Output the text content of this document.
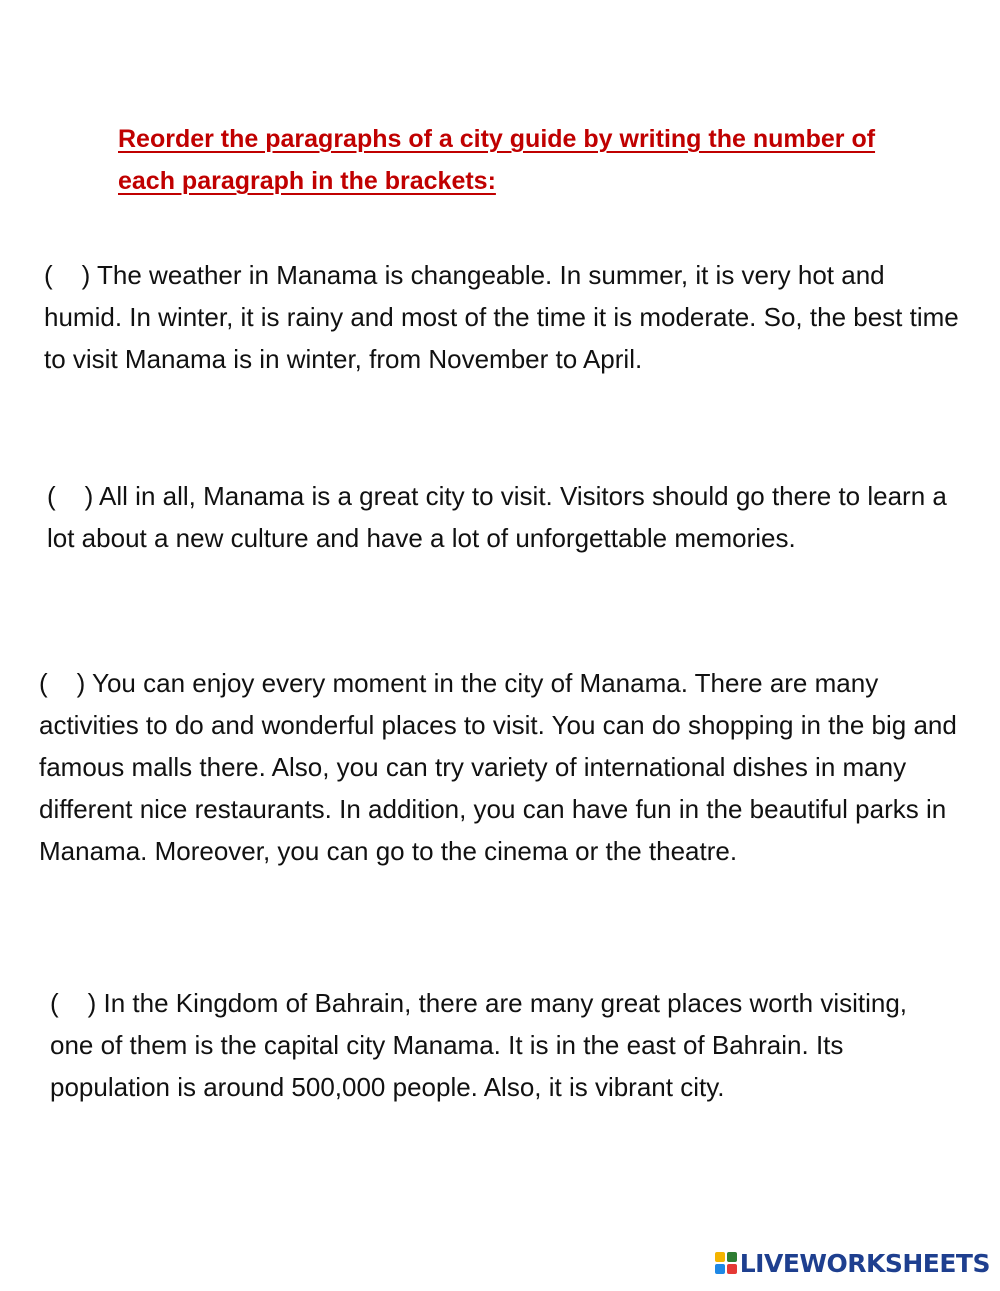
Reorder the paragraphs of a city guide by writing the number of each paragraph in the brackets:
( ) The weather in Manama is changeable. In summer, it is very hot and humid. In winter, it is rainy and most of the time it is moderate. So, the best time to visit Manama is in winter, from November to April.
( ) All in all, Manama is a great city to visit. Visitors should go there to learn a lot about a new culture and have a lot of unforgettable memories.
( ) You can enjoy every moment in the city of Manama. There are many activities to do and wonderful places to visit. You can do shopping in the big and famous malls there. Also, you can try variety of international dishes in many different nice restaurants. In addition, you can have fun in the beautiful parks in Manama. Moreover, you can go to the cinema or the theatre.
( ) In the Kingdom of Bahrain, there are many great places worth visiting, one of them is the capital city Manama. It is in the east of Bahrain. Its population is around 500,000 people. Also, it is vibrant city.
LIVEWORKSHEETS
